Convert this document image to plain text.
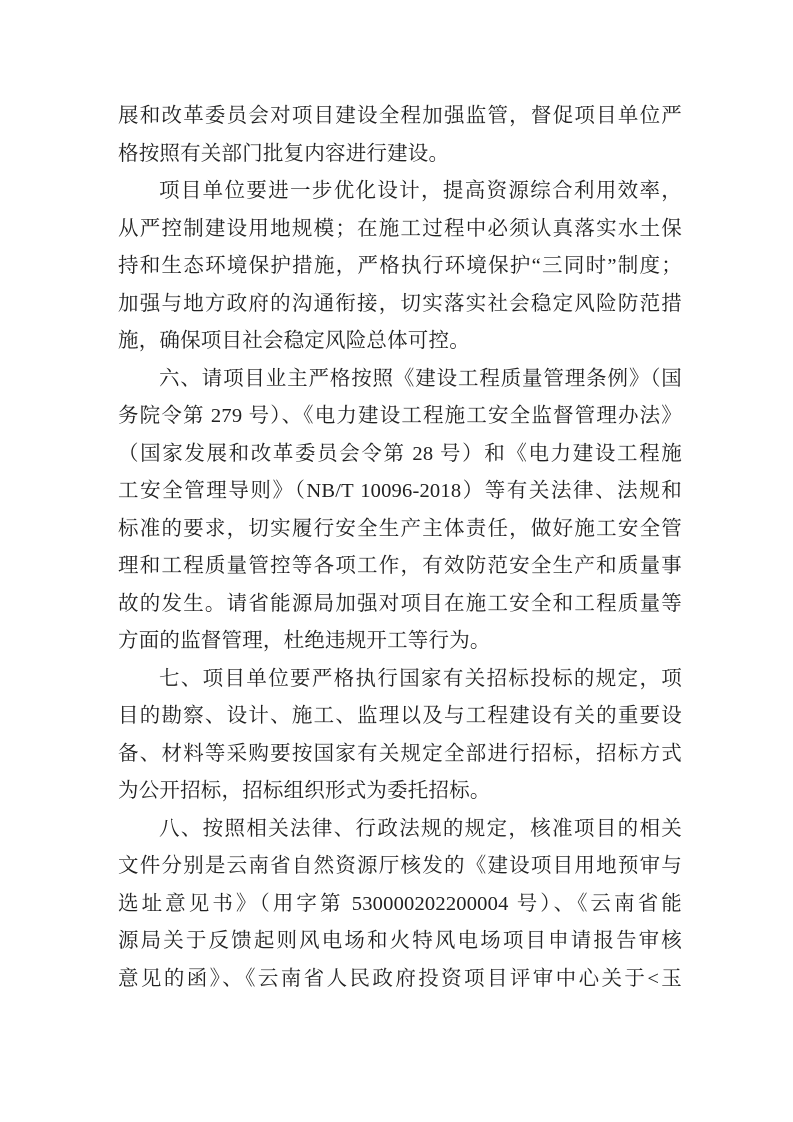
展和改革委员会对项目建设全程加强监管，督促项目单位严
格按照有关部门批复内容进行建设。
项目单位要进一步优化设计，提高资源综合利用效率，
从严控制建设用地规模；在施工过程中必须认真落实水土保
持和生态环境保护措施，严格执行环境保护“三同时”制度；
加强与地方政府的沟通衔接，切实落实社会稳定风险防范措
施，确保项目社会稳定风险总体可控。
六、请项目业主严格按照《建设工程质量管理条例》（国
务院令第 279 号）、《电力建设工程施工安全监督管理办法》
（国家发展和改革委员会令第 28 号）和《电力建设工程施
工安全管理导则》（NB/T 10096-2018）等有关法律、法规和
标准的要求，切实履行安全生产主体责任，做好施工安全管
理和工程质量管控等各项工作，有效防范安全生产和质量事
故的发生。请省能源局加强对项目在施工安全和工程质量等
方面的监督管理，杜绝违规开工等行为。
七、项目单位要严格执行国家有关招标投标的规定，项
目的勘察、设计、施工、监理以及与工程建设有关的重要设
备、材料等采购要按国家有关规定全部进行招标，招标方式
为公开招标，招标组织形式为委托招标。
八、按照相关法律、行政法规的规定，核准项目的相关
文件分别是云南省自然资源厅核发的《建设项目用地预审与
选址意见书》（用字第 530000202200004 号）、《云南省能
源局关于反馈起则风电场和火特风电场项目申请报告审核
意见的函》、《云南省人民政府投资项目评审中心关于<玉
